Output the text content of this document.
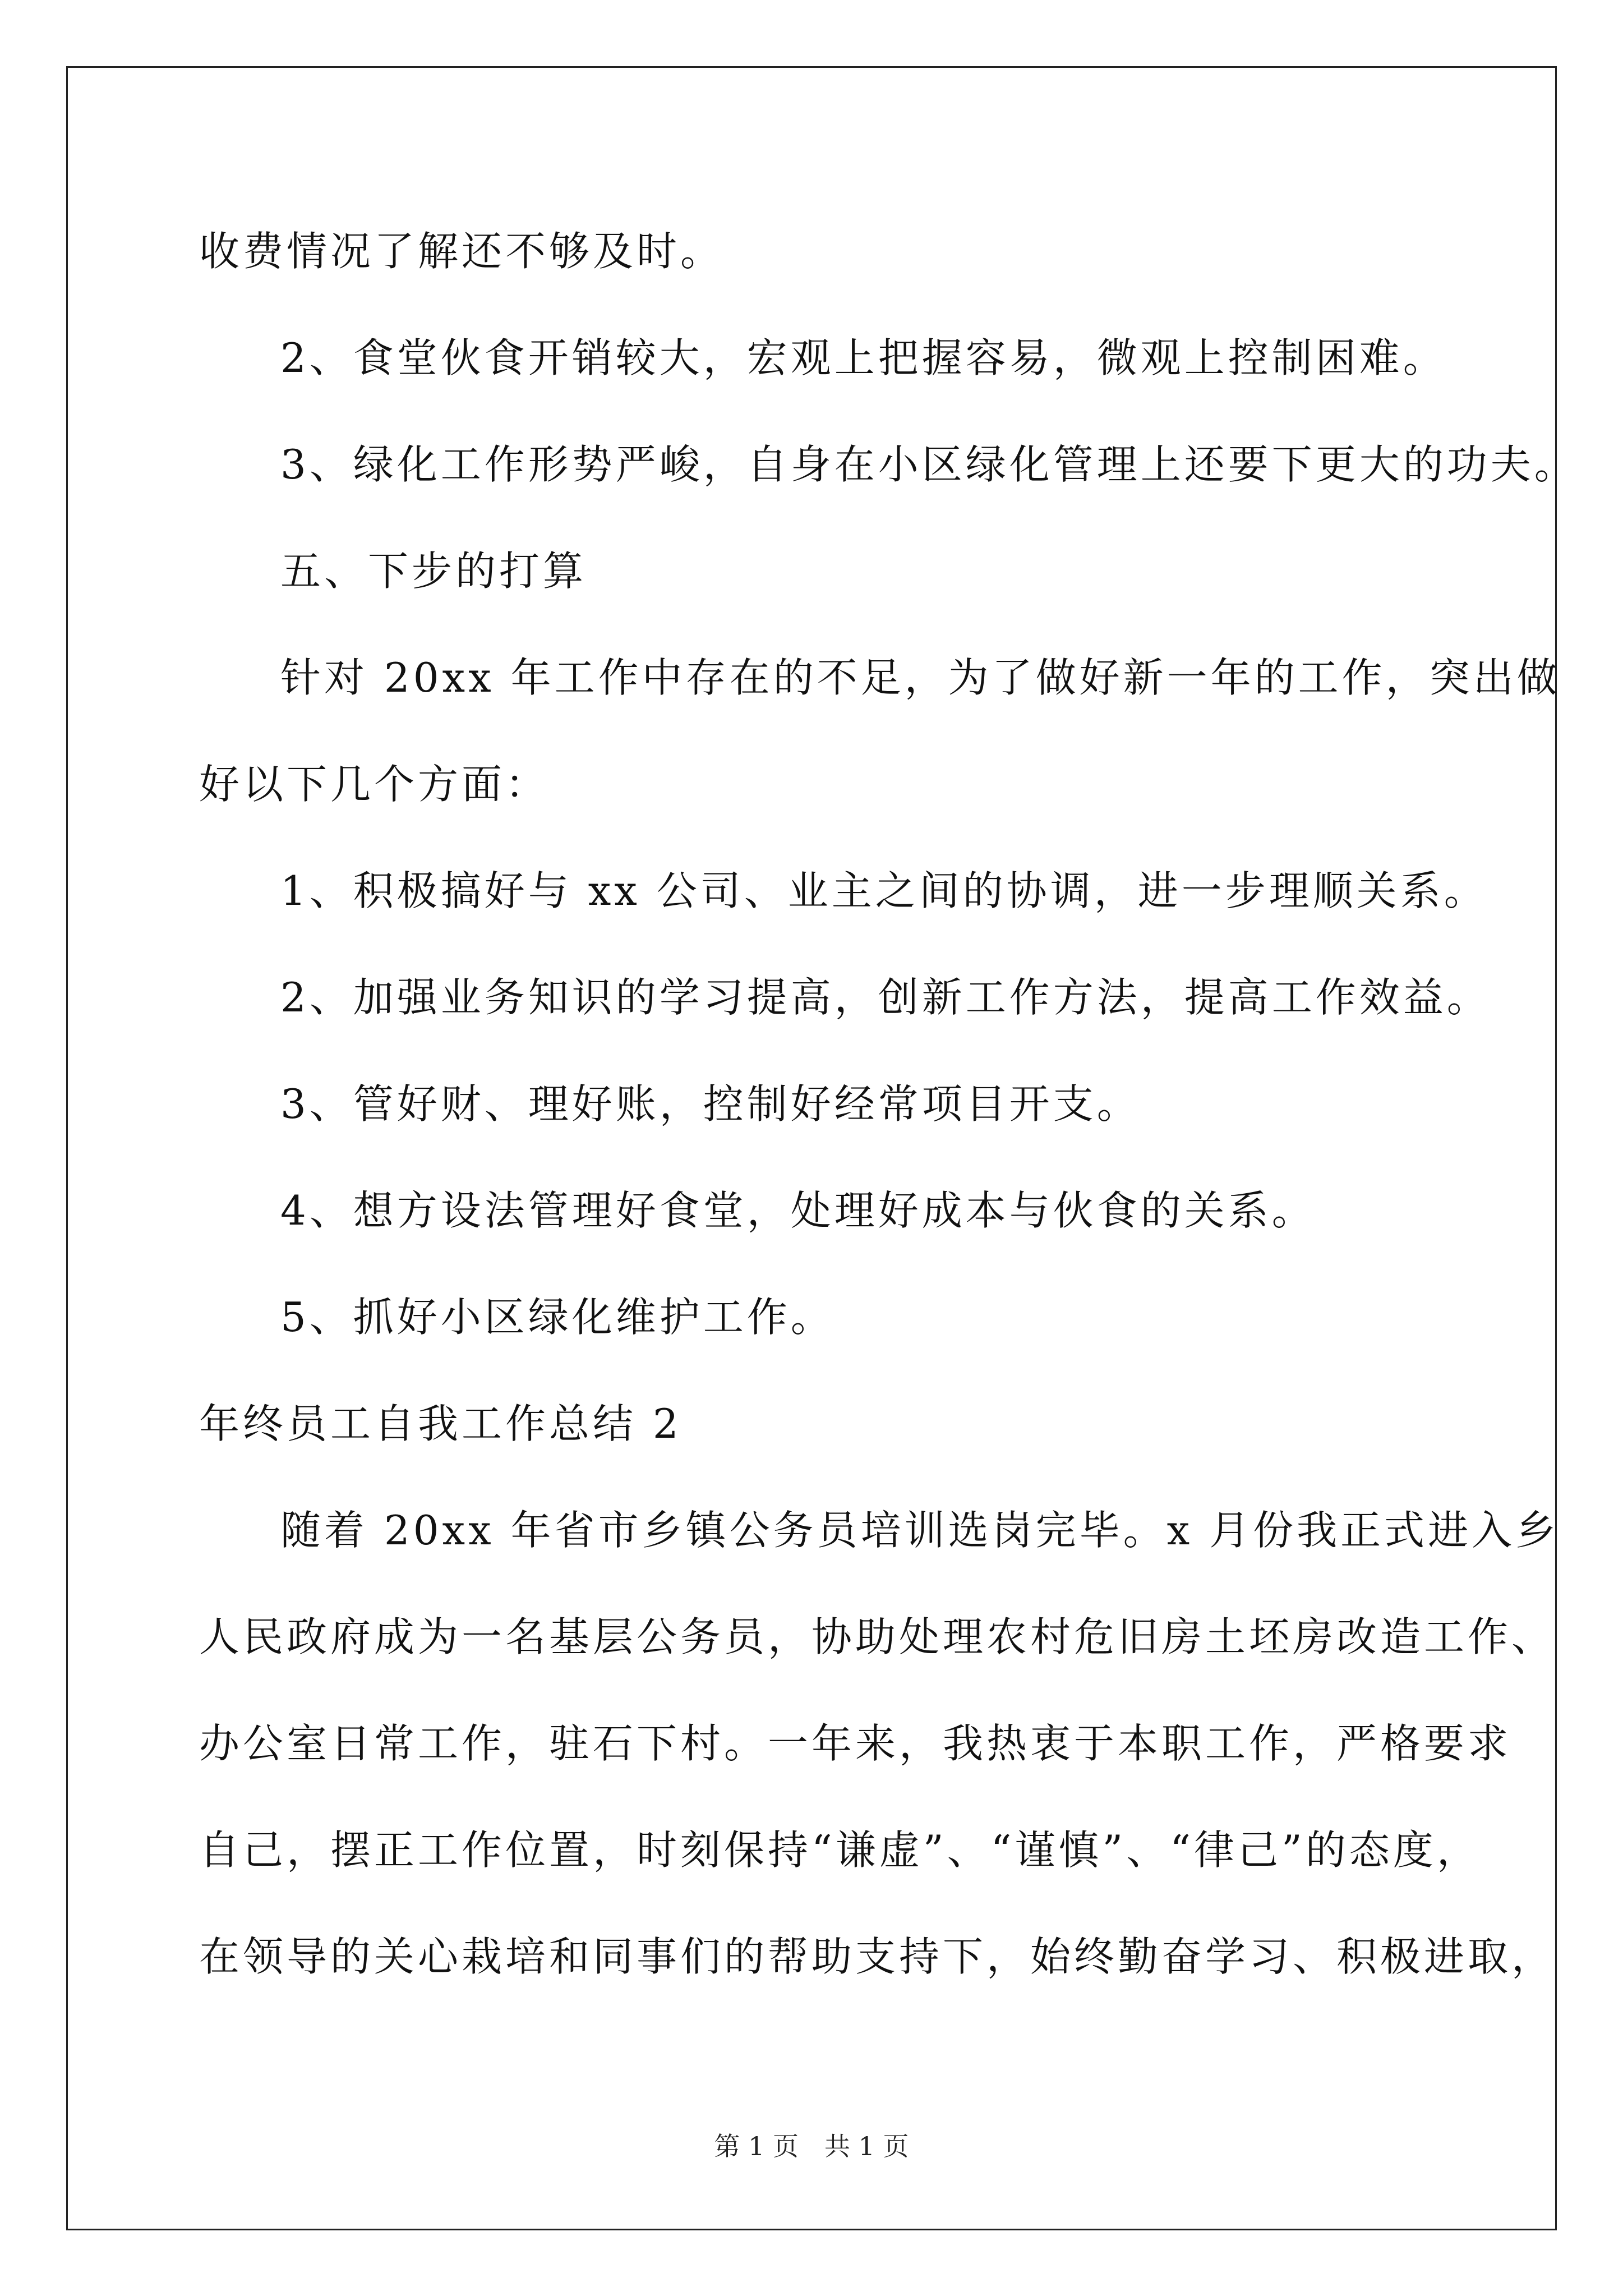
收费情况了解还不够及时。
2、食堂伙食开销较大，宏观上把握容易，微观上控制困难。
3、绿化工作形势严峻，自身在小区绿化管理上还要下更大的功夫。
五、下步的打算
针对 20xx 年工作中存在的不足，为了做好新一年的工作，突出做
好以下几个方面：
1、积极搞好与 xx 公司、业主之间的协调，进一步理顺关系。
2、加强业务知识的学习提高，创新工作方法，提高工作效益。
3、管好财、理好账，控制好经常项目开支。
4、想方设法管理好食堂，处理好成本与伙食的关系。
5、抓好小区绿化维护工作。
年终员工自我工作总结 2
随着 20xx 年省市乡镇公务员培训选岗完毕。x 月份我正式进入乡
人民政府成为一名基层公务员，协助处理农村危旧房土坯房改造工作、
办公室日常工作，驻石下村。一年来，我热衷于本职工作，严格要求
自己，摆正工作位置，时刻保持“谦虚”、“谨慎”、“律己”的态度，
在领导的关心栽培和同事们的帮助支持下，始终勤奋学习、积极进取，
第 1 页　共 1 页
